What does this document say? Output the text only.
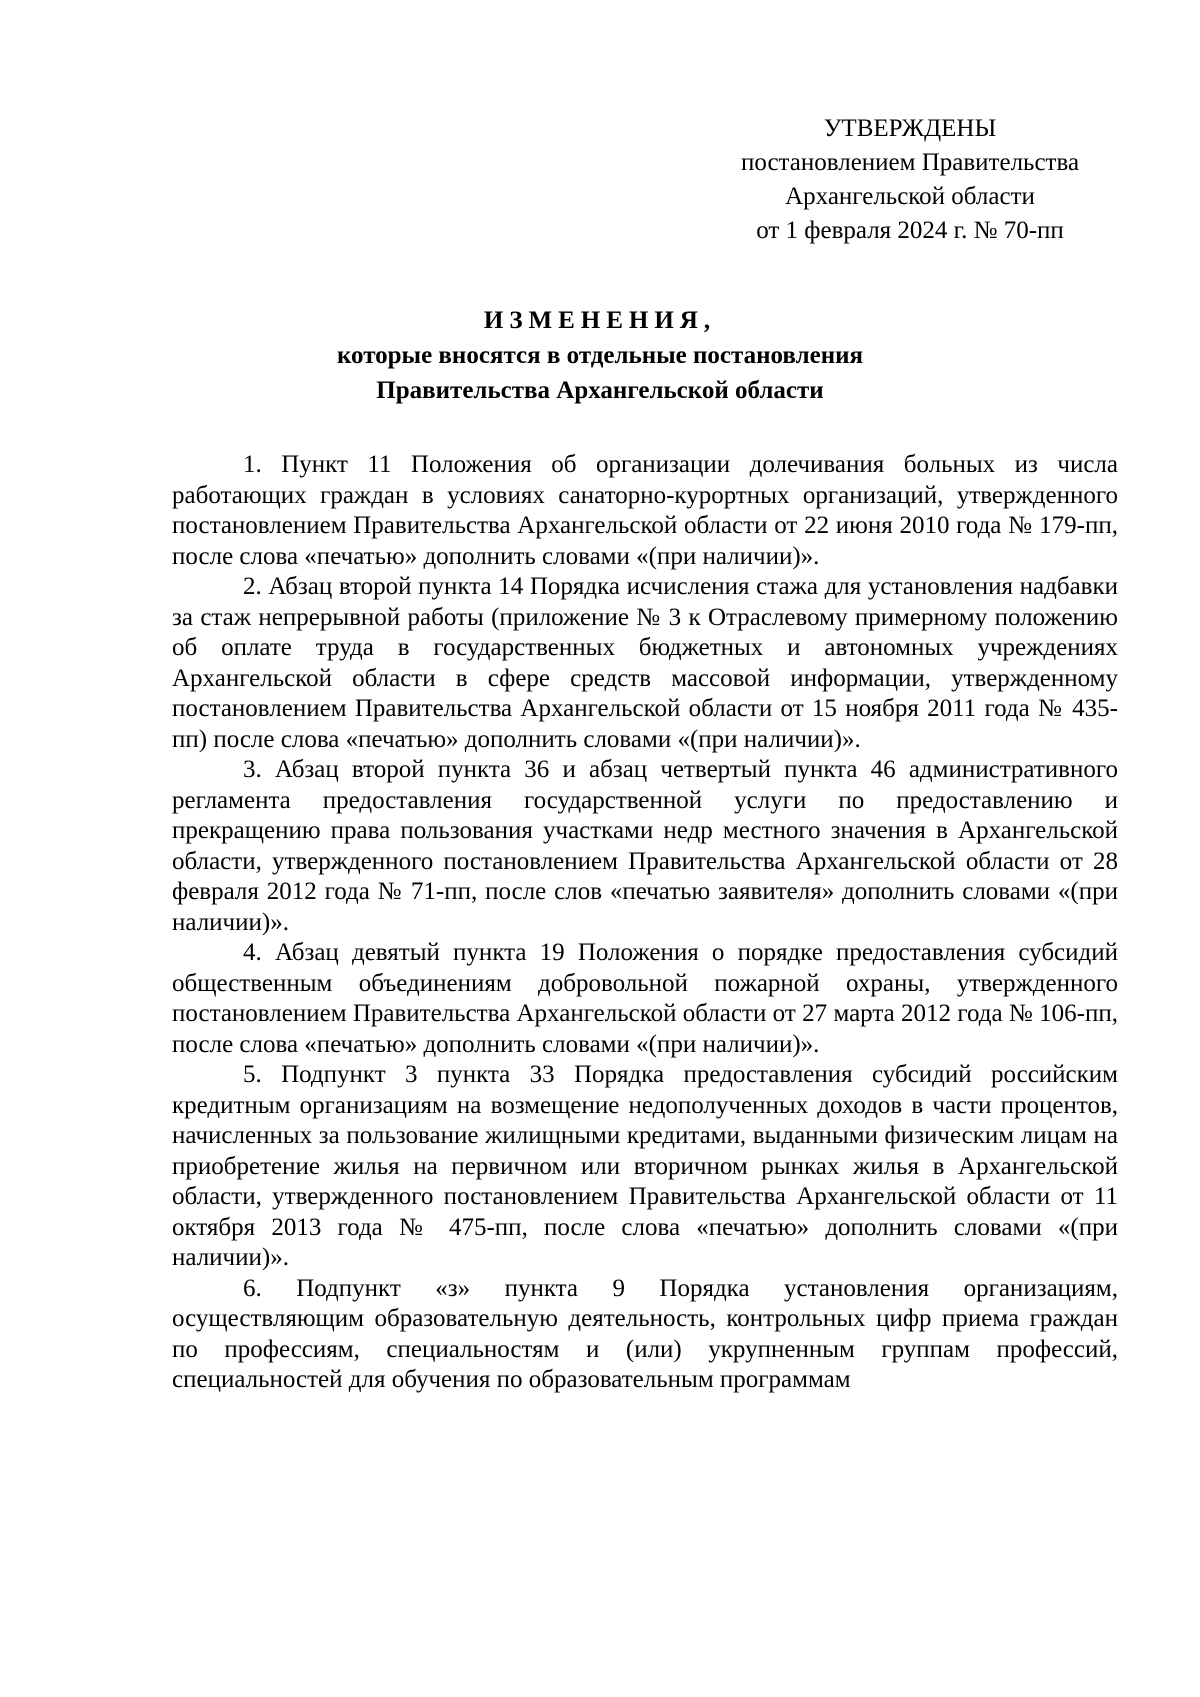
УТВЕРЖДЕНЫ
постановлением Правительства
Архангельской области
от 1 февраля 2024 г. № 70-пп
ИЗМЕНЕНИЯ,
которые вносятся в отдельные постановления
Правительства Архангельской области

1. Пункт 11 Положения об организации долечивания больных из числа работающих граждан в условиях санаторно-курортных организаций, утвержденного постановлением Правительства Архангельской области от 22 июня 2010 года № 179-пп, после слова «печатью» дополнить словами «(при наличии)».

2. Абзац второй пункта 14 Порядка исчисления стажа для установления надбавки за стаж непрерывной работы (приложение № 3 к Отраслевому примерному положению об оплате труда в государственных бюджетных и автономных учреждениях Архангельской области в сфере средств массовой информации, утвержденному постановлением Правительства Архангельской области от 15 ноября 2011 года № 435-пп) после слова «печатью» дополнить словами «(при наличии)».

3. Абзац второй пункта 36 и абзац четвертый пункта 46 административного регламента предоставления государственной услуги по предоставлению и прекращению права пользования участками недр местного значения в Архангельской области, утвержденного постановлением Правительства Архангельской области от 28 февраля 2012 года № 71-пп, после слов «печатью заявителя» дополнить словами «(при наличии)».

4. Абзац девятый пункта 19 Положения о порядке предоставления субсидий общественным объединениям добровольной пожарной охраны, утвержденного постановлением Правительства Архангельской области от 27 марта 2012 года № 106-пп, после слова «печатью» дополнить словами «(при наличии)».

5. Подпункт 3 пункта 33 Порядка предоставления субсидий российским кредитным организациям на возмещение недополученных доходов в части процентов, начисленных за пользование жилищными кредитами, выданными физическим лицам на приобретение жилья на первичном или вторичном рынках жилья в Архангельской области, утвержденного постановлением Правительства Архангельской области от 11 октября 2013 года № 475-пп, после слова «печатью» дополнить словами «(при наличии)».

6. Подпункт «з» пункта 9 Порядка установления организациям, осуществляющим образовательную деятельность, контрольных цифр приема граждан по профессиям, специальностям и (или) укрупненным группам профессий, специальностей для обучения по образовательным программам
